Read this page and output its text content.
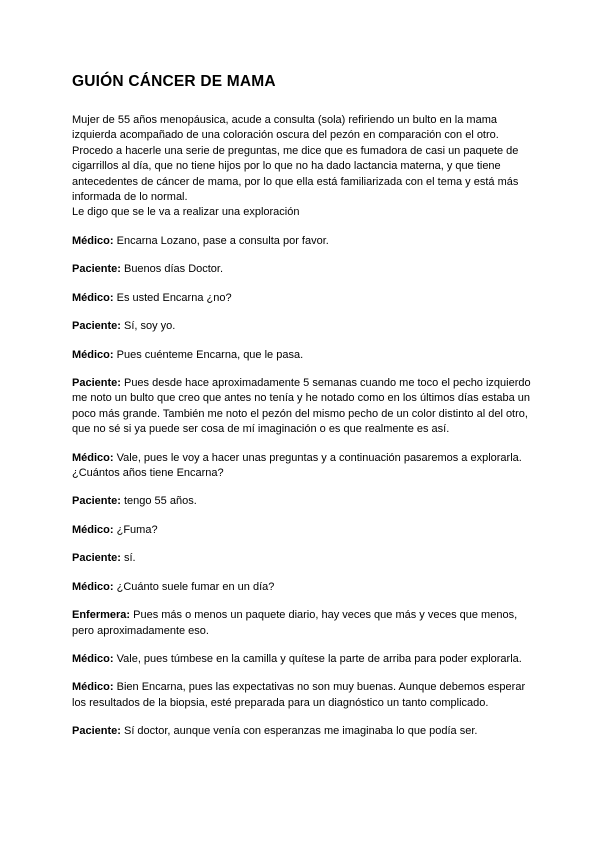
GUIÓN CÁNCER DE MAMA

Mujer de 55 años menopáusica, acude a consulta (sola) refiriendo un bulto en la mama izquierda acompañado de una coloración oscura del pezón en comparación con el otro. Procedo a hacerle una serie de preguntas, me dice que es fumadora de casi un paquete de cigarrillos al día, que no tiene hijos por lo que no ha dado lactancia materna, y que tiene antecedentes de cáncer de mama, por lo que ella está familiarizada con el tema y está más informada de lo normal.

Le digo que se le va a realizar una exploración

Médico: Encarna Lozano, pase a consulta por favor.

Paciente: Buenos días Doctor.

Médico: Es usted Encarna ¿no?

Paciente: Sí, soy yo.

Médico: Pues cuénteme Encarna, que le pasa.

Paciente: Pues desde hace aproximadamente 5 semanas cuando me toco el pecho izquierdo me noto un bulto que creo que antes no tenía y he notado como en los últimos días estaba un poco más grande. También me noto el pezón del mismo pecho de un color distinto al del otro, que no sé si ya puede ser cosa de mí imaginación o es que realmente es así.

Médico: Vale, pues le voy a hacer unas preguntas y a continuación pasaremos a explorarla. ¿Cuántos años tiene Encarna?

Paciente: tengo 55 años.

Médico: ¿Fuma?

Paciente: sí.

Médico: ¿Cuánto suele fumar en un día?

Enfermera: Pues más o menos un paquete diario, hay veces que más y veces que menos, pero aproximadamente eso.

Médico: Vale, pues túmbese en la camilla y quítese la parte de arriba para poder explorarla.

Médico: Bien Encarna, pues las expectativas no son muy buenas. Aunque debemos esperar los resultados de la biopsia, esté preparada para un diagnóstico un tanto complicado.

Paciente: Sí doctor, aunque venía con esperanzas me imaginaba lo que podía ser.
